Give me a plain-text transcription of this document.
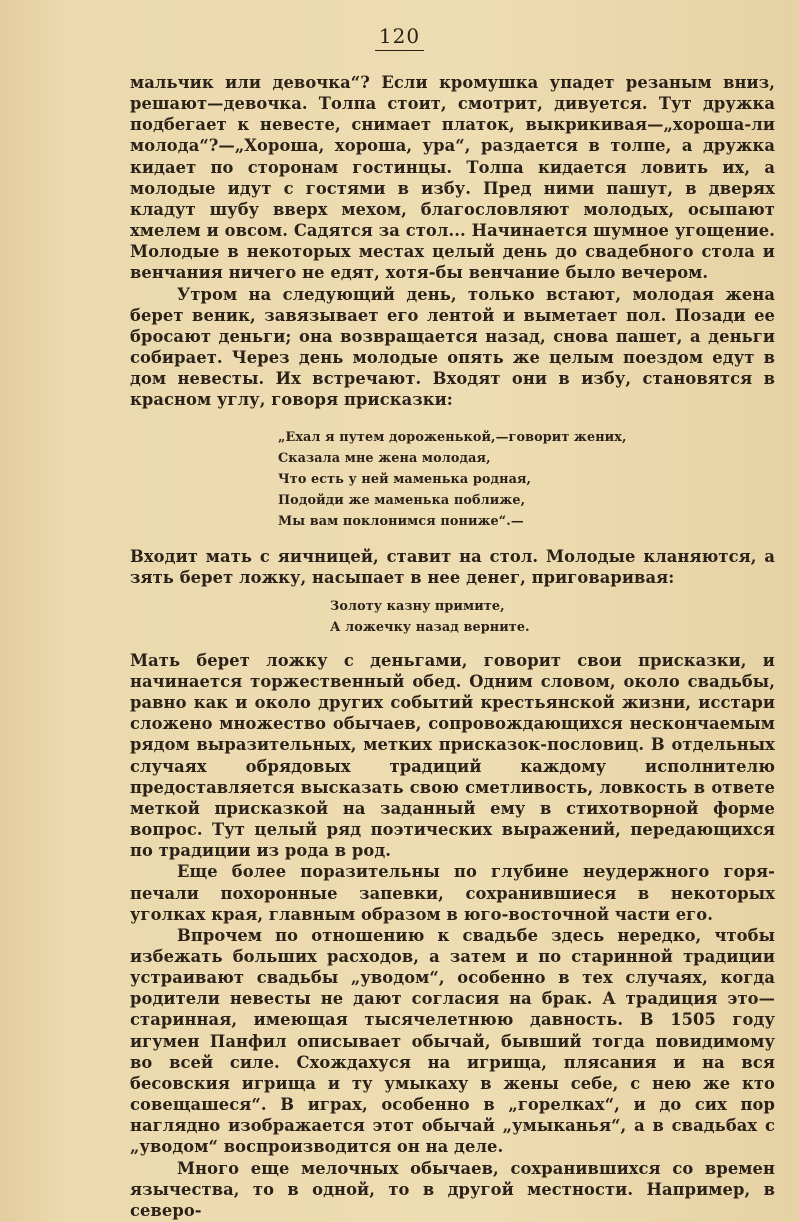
120

мальчик или девочка“? Если кромушка упадет резаным вниз, решают—девочка. Толпа стоит, смотрит, дивуется. Тут дружка подбегает к невесте, снимает платок, выкрикивая—„хороша-ли молода“?—„Хороша, хороша, ура“, раздается в толпе, а дружка кидает по сторонам гостинцы. Толпа кидается ловить их, а молодые идут с гостями в избу. Пред ними пашут, в дверях кладут шубу вверх мехом, благословляют молодых, осыпают хмелем и овсом. Садятся за стол... Начинается шумное угощение. Молодые в некоторых местах целый день до свадебного стола и венчания ничего не едят, хотя-бы венчание было вечером.

Утром на следующий день, только встают, молодая жена берет веник, завязывает его лентой и выметает пол. Позади ее бросают деньги; она возвращается назад, снова пашет, а деньги собирает. Через день молодые опять же целым поездом едут в дом невесты. Их встречают. Входят они в избу, становятся в красном углу, говоря присказки:

„Ехал я путем дороженькой,—говорит жених,
Сказала мне жена молодая,
Что есть у ней маменька родная,
Подойди же маменька поближе,
Мы вам поклонимся пониже“.—

Входит мать с яичницей, ставит на стол. Молодые кланяются, а зять берет ложку, насыпает в нее денег, приговаривая:

Золоту казну примите,
А ложечку назад верните.

Мать берет ложку с деньгами, говорит свои присказки, и начинается торжественный обед. Одним словом, около свадьбы, равно как и около других событий крестьянской жизни, исстари сложено множество обычаев, сопровождающихся нескончаемым рядом выразительных, метких присказок-пословиц. В отдельных случаях обрядовых традиций каждому исполнителю предоставляется высказать свою сметливость, ловкость в ответе меткой присказкой на заданный ему в стихотворной форме вопрос. Тут целый ряд поэтических выражений, передающихся по традиции из рода в род.

Еще более поразительны по глубине неудержного горя-печали похоронные запевки, сохранившиеся в некоторых уголках края, главным образом в юго-восточной части его.

Впрочем по отношению к свадьбе здесь нередко, чтобы избежать больших расходов, а затем и по старинной традиции устраивают свадьбы „уводом“, особенно в тех случаях, когда родители невесты не дают согласия на брак. А традиция это—старинная, имеющая тысячелетнюю давность. В 1505 году игумен Панфил описывает обычай, бывший тогда повидимому во всей силе. Схождахуся на игрища, плясания и на вся бесовския игрища и ту умыкаху в жены себе, с нею же кто совещашеся“. В играх, особенно в „горелках“, и до сих пор наглядно изображается этот обычай „умыканья“, а в свадьбах с „уводом“ воспроизводится он на деле.

Много еще мелочных обычаев, сохранившихся со времен язычества, то в одной, то в другой местности. Например, в северо-
